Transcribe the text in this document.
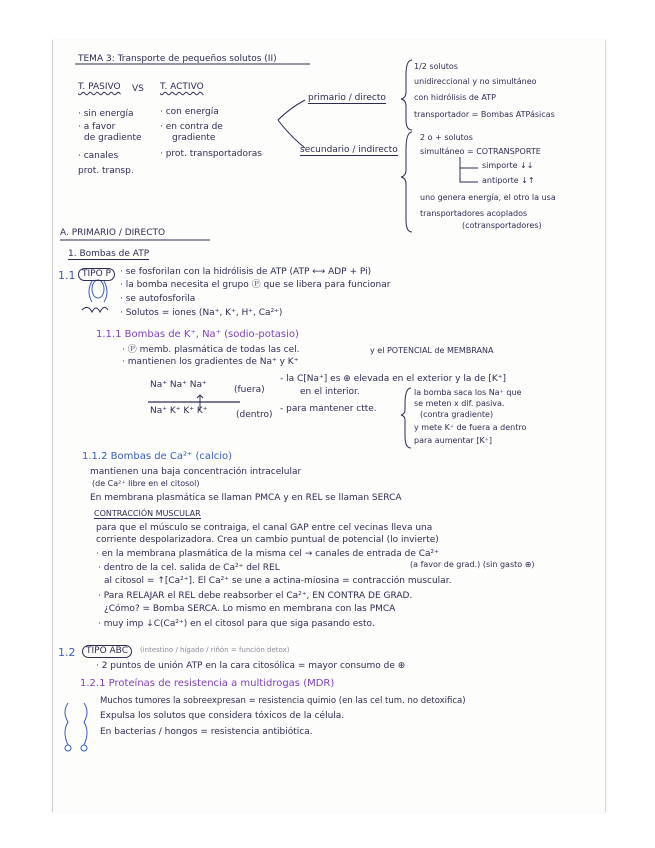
TEMA 3: Transporte de pequeños solutos (II)
T. PASIVO VS T. ACTIVO
· sin energía
· a favor
de gradiente
· canales
prot. transp.
· con energía
· en contra de
gradiente
· prot. transportadoras
primario / directo
secundario / indirecto
1/2 solutos
unidireccional y no simultáneo
con hidrólisis de ATP
transportador = Bombas ATPásicas
2 o + solutos
simultáneo = COTRANSPORTE
simporte ↓↓
antiporte ↓↑
uno genera energía, el otro la usa
transportadores acoplados
(cotransportadores)
A. PRIMARIO / DIRECTO
1. Bombas de ATP
1.1 TIPO P	· se fosforilan con la hidrólisis de ATP (ATP ⟷ ADP + Pi)
· la bomba necesita el grupo Ⓟ que se libera para funcionar
· se autofosforila
· Solutos = iones (Na⁺, K⁺, H⁺, Ca²⁺)
1.1.1 Bombas de K⁺, Na⁺ (sodio-potasio)
· Ⓟ memb. plasmática de todas las cel.
· mantienen los gradientes de Na⁺ y K⁺
y el POTENCIAL de MEMBRANA
Na⁺ Na⁺ Na⁺	(fuera)
Na⁺ K⁺ K⁺ K⁺	(dentro)
- la C[Na⁺] es ⊕ elevada en el exterior y la de [K⁺]
en el interior.
- para mantener ctte.
la bomba saca los Na⁺ que
se meten x dif. pasiva.
(contra gradiente)
y mete K⁺ de fuera a dentro
para aumentar [K⁺]
1.1.2 Bombas de Ca²⁺ (calcio)
mantienen una baja concentración intracelular
(de Ca²⁺ libre en el citosol)
En membrana plasmática se llaman PMCA y en REL se llaman SERCA
CONTRACCIÓN MUSCULAR
para que el músculo se contraiga, el canal GAP entre cel vecinas lleva una
corriente despolarizadora. Crea un cambio puntual de potencial (lo invierte)
· en la membrana plasmática de la misma cel → canales de entrada de Ca²⁺
(a favor de grad.) (sin gasto ⊕)
· dentro de la cel. salida de Ca²⁺ del REL
al citosol = ↑[Ca²⁺]. El Ca²⁺ se une a actina-miosina = contracción muscular.
· Para RELAJAR el REL debe reabsorber el Ca²⁺, EN CONTRA DE GRAD.
¿Cómo? = Bomba SERCA. Lo mismo en membrana con las PMCA
· muy imp ↓C(Ca²⁺) en el citosol para que siga pasando esto.
1.2	TIPO ABC	(intestino / hígado / riñón = función detox)
· 2 puntos de unión ATP en la cara citosólica = mayor consumo de ⊕
1.2.1 Proteínas de resistencia a multidrogas (MDR)
Muchos tumores la sobreexpresan = resistencia quimio (en las cel tum. no detoxifica)
Expulsa los solutos que considera tóxicos de la célula.
En bacterias / hongos = resistencia antibiótica.
